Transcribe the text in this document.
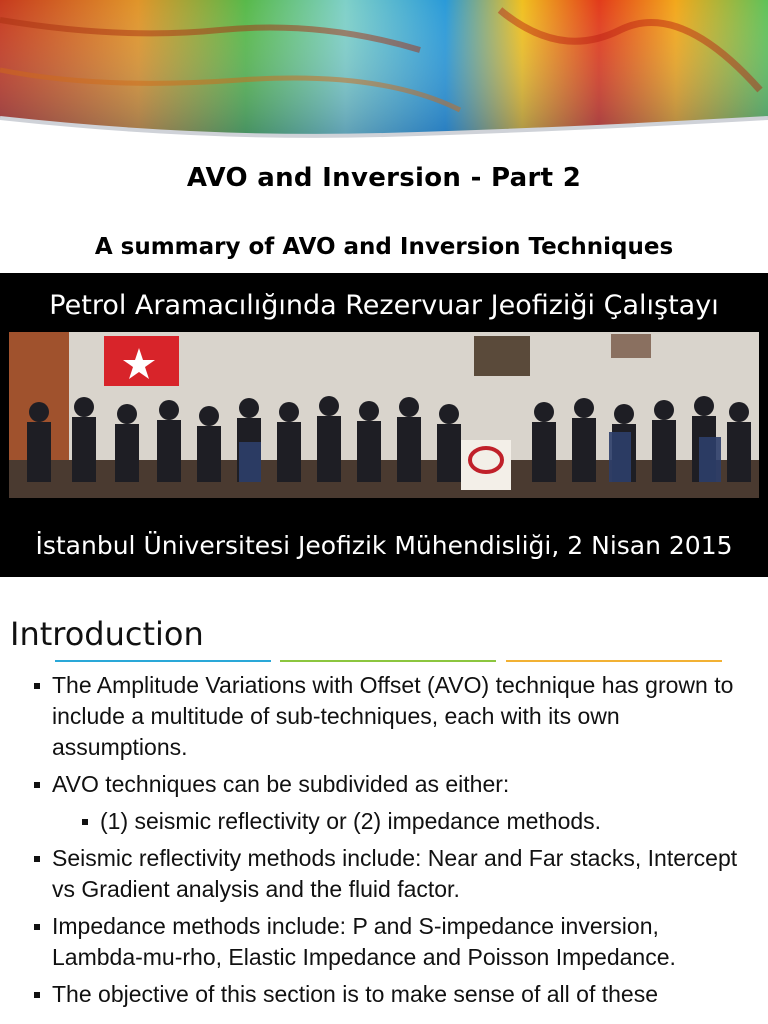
AVO and Inversion - Part 2
A summary of AVO and Inversion Techniques
Petrol Aramacılığında Rezervuar Jeofiziği Çalıştayı
İstanbul Üniversitesi Jeofizik Mühendisliği, 2 Nisan 2015
Introduction
The Amplitude Variations with Offset (AVO) technique has grown to include a multitude of sub-techniques, each with its own assumptions.
AVO techniques can be subdivided as either:
(1) seismic reflectivity or (2) impedance methods.
Seismic reflectivity methods include: Near and Far stacks, Intercept vs Gradient analysis and the fluid factor.
Impedance methods include: P and S-impedance inversion, Lambda-mu-rho, Elastic Impedance and Poisson Impedance.
The objective of this section is to make sense of all of these
